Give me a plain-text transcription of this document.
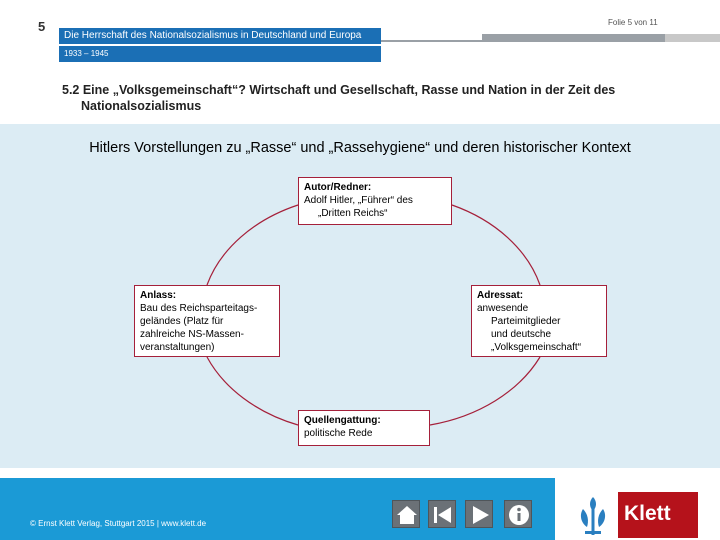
5	Folie 5 von 11
Die Herrschaft des Nationalsozialismus in Deutschland und Europa
1933 – 1945
5.2 Eine „Volksgemeinschaft“? Wirtschaft und Gesellschaft, Rasse und Nation in der Zeit des
Nationalsozialismus
Hitlers Vorstellungen zu „Rasse“ und „Rassehygiene“ und deren historischer Kontext
Autor/Redner:
Adolf Hitler, „Führer“ des
„Dritten Reichs“
Anlass:
Bau des Reichsparteitags-
geländes (Platz für
zahlreiche NS-Massen-
veranstaltungen)
Adressat:
anwesende
Parteimitglieder
und deutsche
„Volksgemeinschaft“
Quellengattung:
politische Rede
© Ernst Klett Verlag, Stuttgart 2015 | www.klett.de	Klett
